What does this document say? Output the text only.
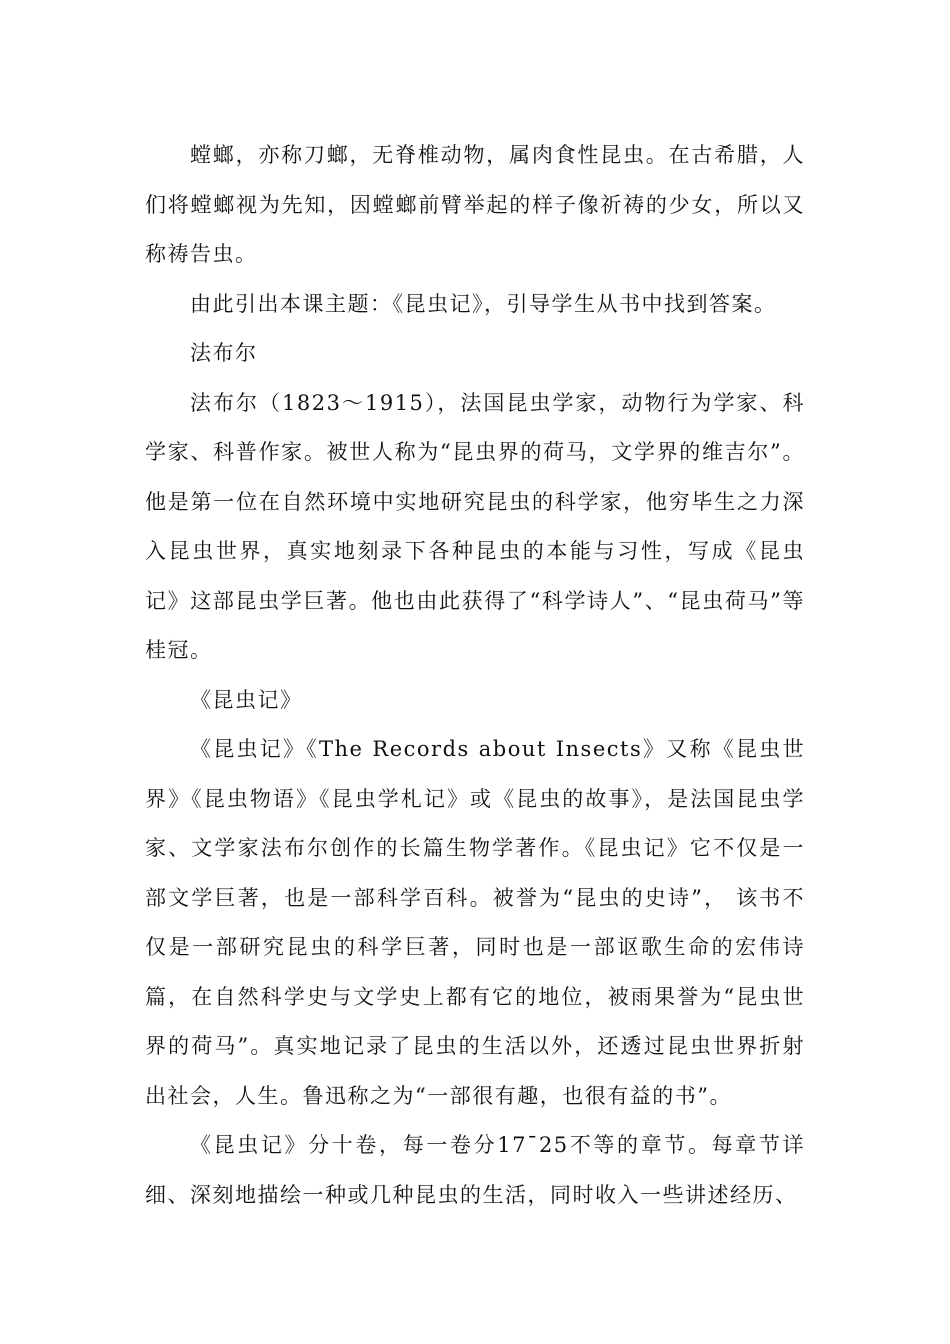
螳螂，亦称刀螂，无脊椎动物，属肉食性昆虫。在古希腊，人们将螳螂视为先知，因螳螂前臂举起的样子像祈祷的少女，所以又称祷告虫。

由此引出本课主题：《昆虫记》，引导学生从书中找到答案。

法布尔

法布尔（1823～1915），法国昆虫学家，动物行为学家、科学家、科普作家。被世人称为“昆虫界的荷马，文学界的维吉尔”。他是第一位在自然环境中实地研究昆虫的科学家，他穷毕生之力深入昆虫世界，真实地刻录下各种昆虫的本能与习性，写成《昆虫记》这部昆虫学巨著。他也由此获得了“科学诗人”、“昆虫荷马”等桂冠。

《昆虫记》

《昆虫记》《The Records about Insects》又称《昆虫世界》《昆虫物语》《昆虫学札记》或《昆虫的故事》，是法国昆虫学家、文学家法布尔创作的长篇生物学著作。《昆虫记》它不仅是一部文学巨著，也是一部科学百科。被誉为“昆虫的史诗”， 该书不仅是一部研究昆虫的科学巨著，同时也是一部讴歌生命的宏伟诗篇，在自然科学史与文学史上都有它的地位，被雨果誉为“昆虫世界的荷马”。真实地记录了昆虫的生活以外，还透过昆虫世界折射出社会，人生。鲁迅称之为“一部很有趣，也很有益的书”。

《昆虫记》分十卷，每一卷分17¯25不等的章节。每章节详细、深刻地描绘一种或几种昆虫的生活，同时收入一些讲述经历、
